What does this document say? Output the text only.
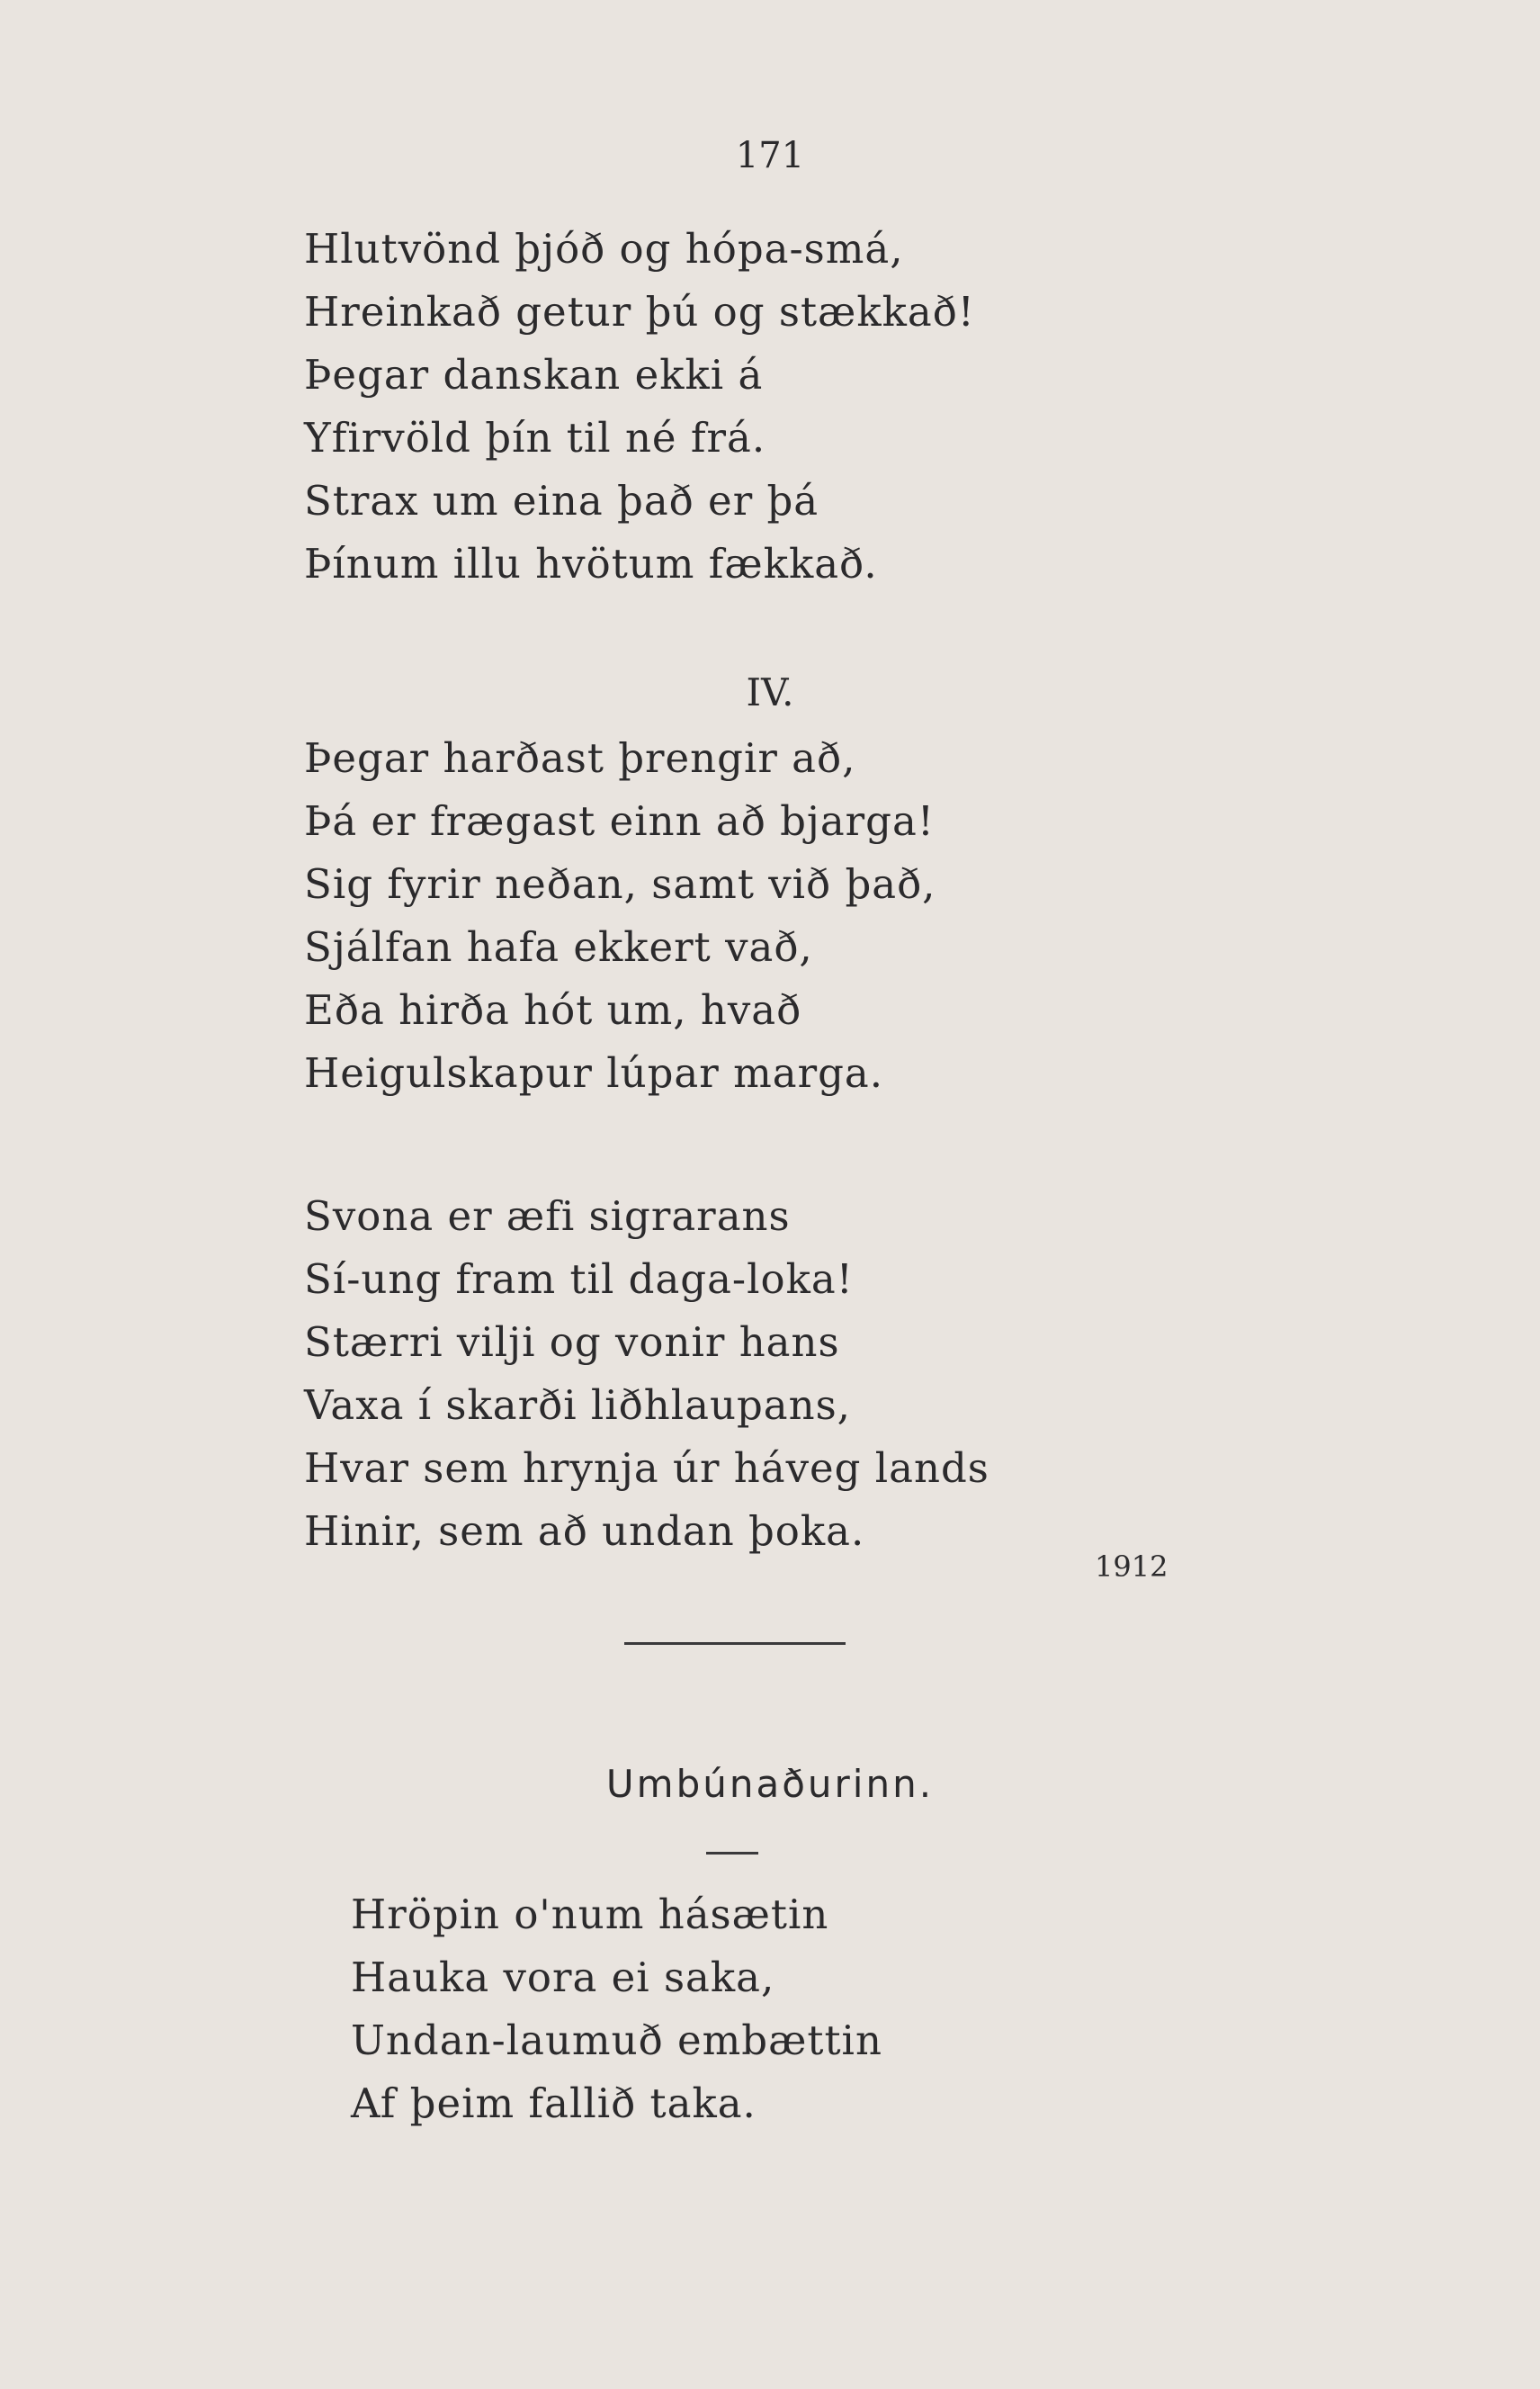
171
Hlutvönd þjóð og hópa-smá,
Hreinkað getur þú og stækkað!
Þegar danskan ekki á
Yfirvöld þín til né frá.
Strax um eina það er þá
Þínum illu hvötum fækkað.
IV.
Þegar harðast þrengir að,
Þá er frægast einn að bjarga!
Sig fyrir neðan, samt við það,
Sjálfan hafa ekkert vað,
Eða hirða hót um, hvað
Heigulskapur lúpar marga.
Svona er æfi sigrarans
Sí-ung fram til daga-loka!
Stærri vilji og vonir hans
Vaxa í skarði liðhlaupans,
Hvar sem hrynja úr háveg lands
Hinir, sem að undan þoka.
1912
Umbúnaðurinn.
Hröpin o'num hásætin
Hauka vora ei saka,
Undan-laumuð embættin
Af þeim fallið taka.
